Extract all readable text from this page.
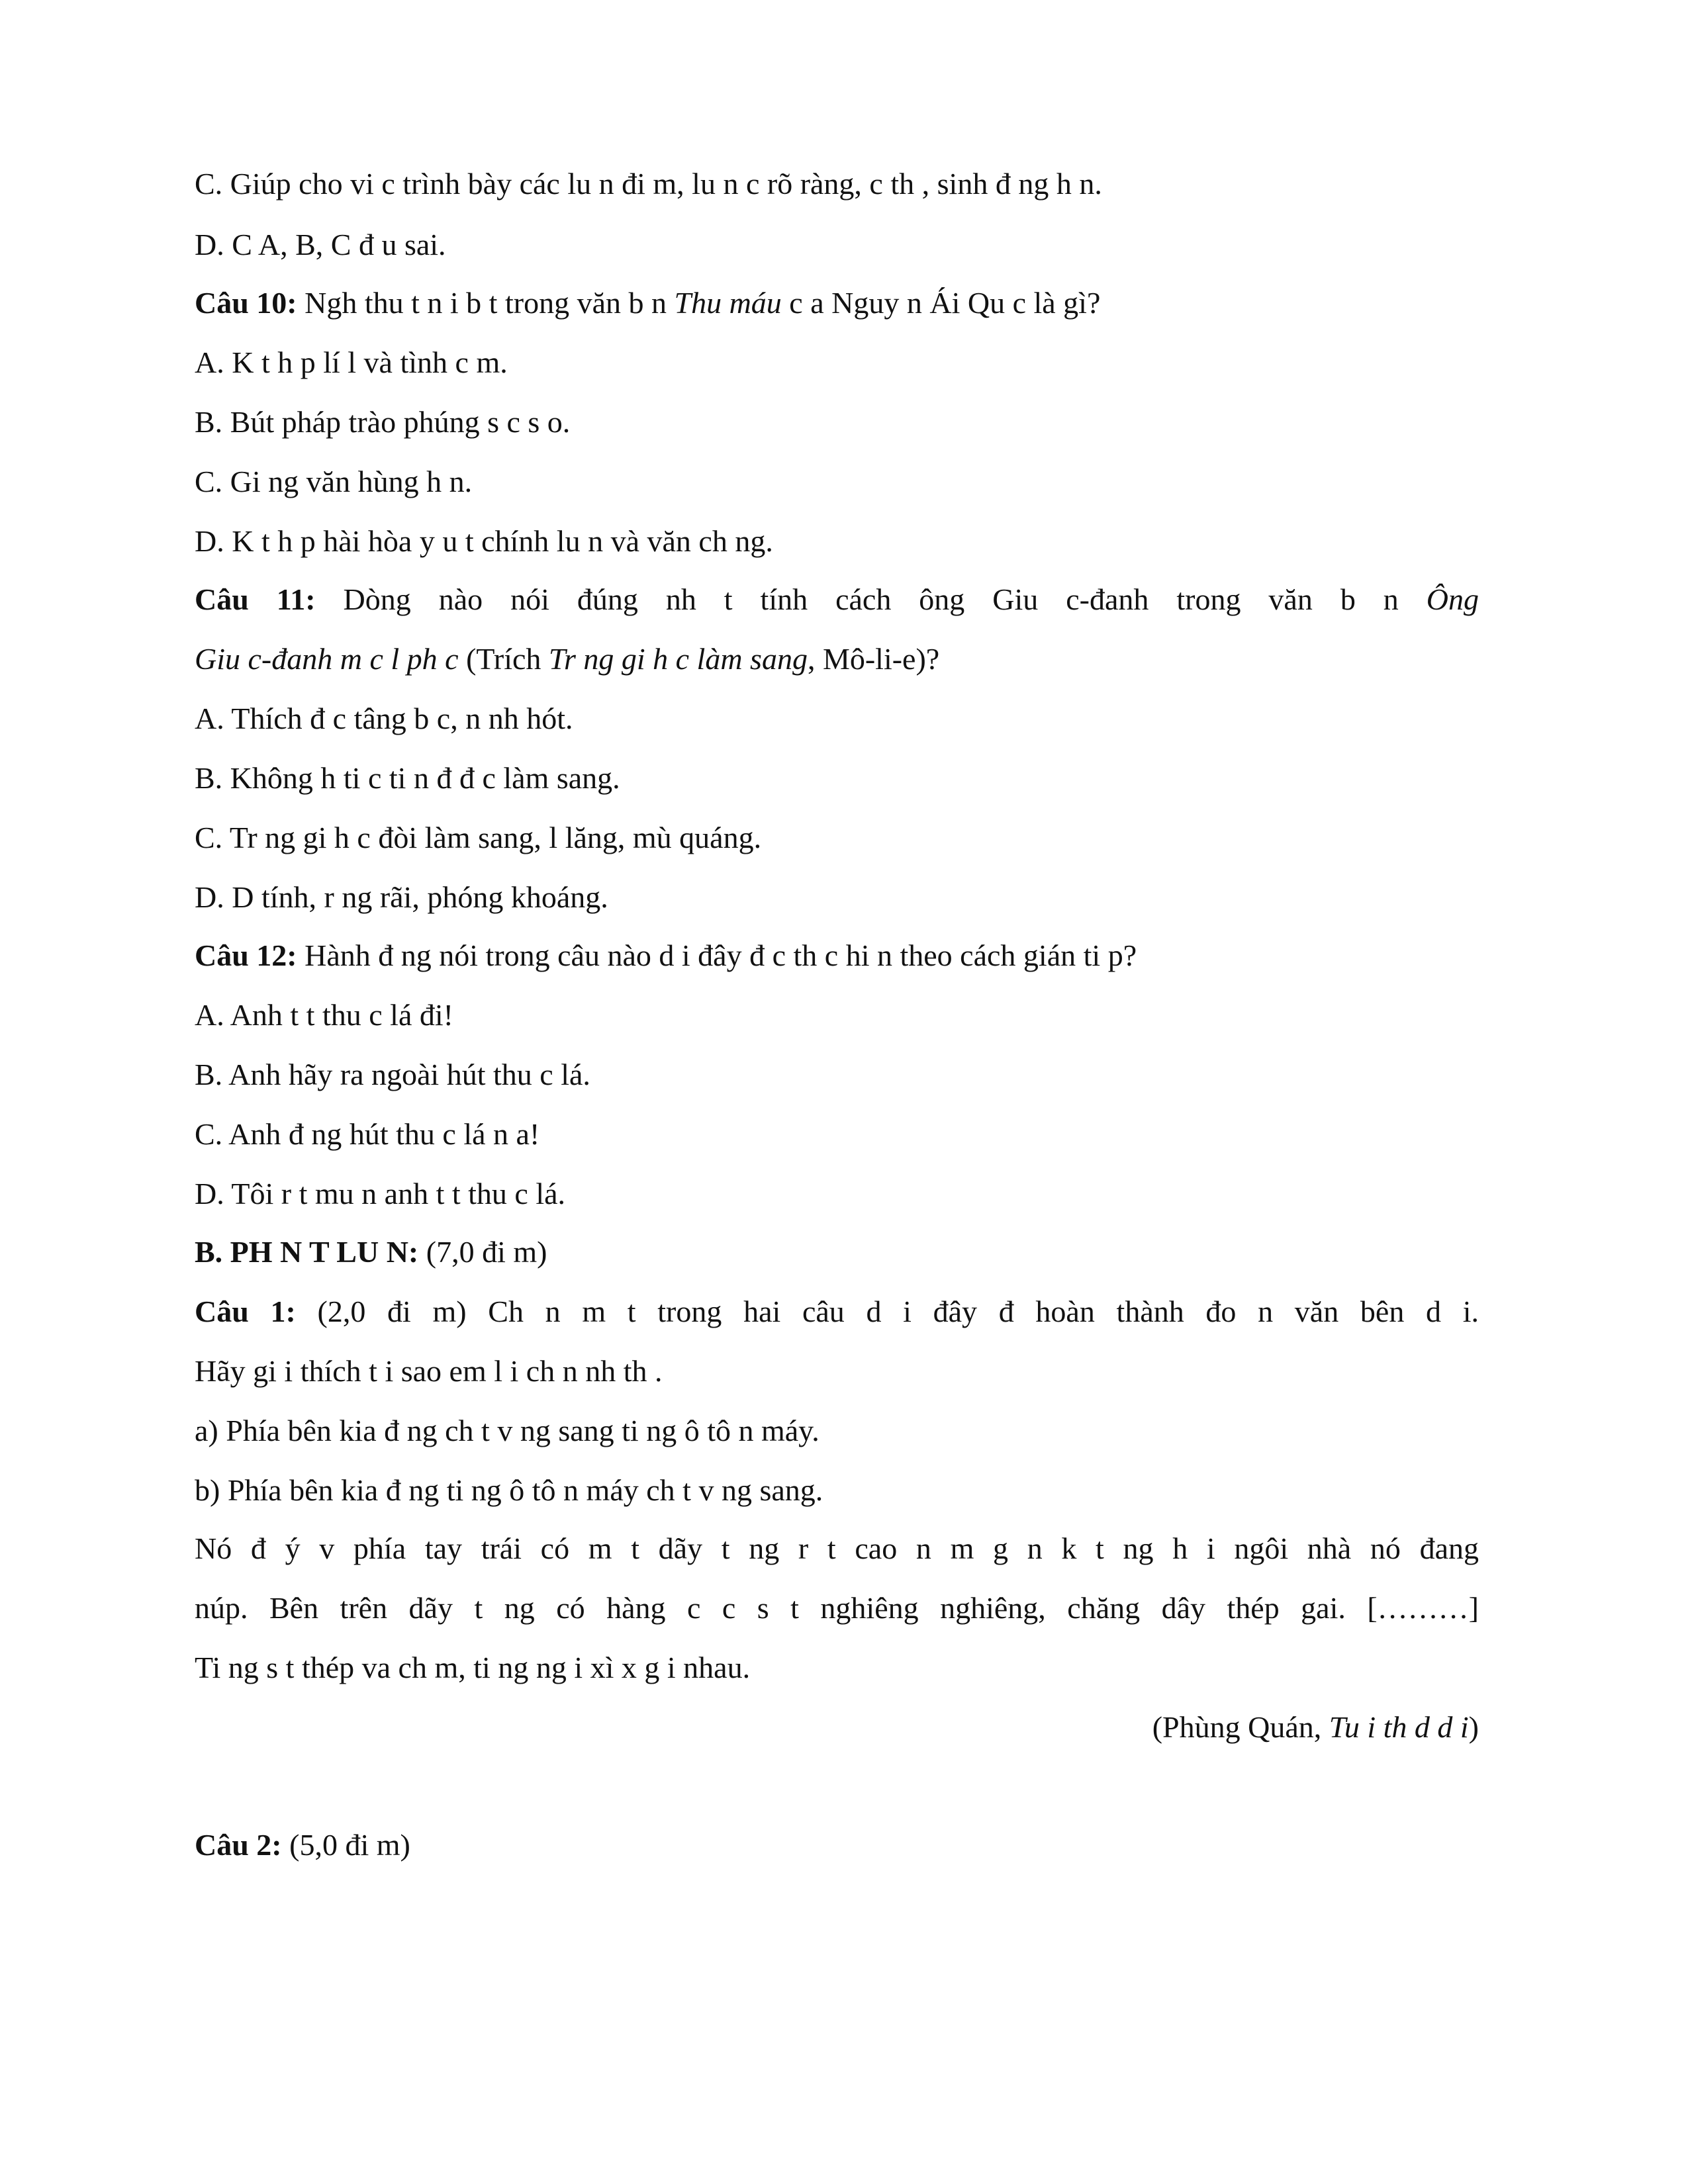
C. Giúp cho vi c trình bày các lu n đi m, lu n c rõ ràng, c th , sinh đ ng h n.
D. C A, B, C đ u sai.
Câu 10: Ngh thu t n i b t trong văn b n Thu máu c a Nguy n Ái Qu c là gì?
A. K t h p lí l và tình c m.
B. Bút pháp trào phúng s c s o.
C. Gi ng văn hùng h n.
D. K t h p hài hòa y u t chính lu n và văn ch ng.
Câu 11: Dòng nào nói đúng nh t tính cách ông Giu c-đanh trong văn b n Ông
Giu c-đanh m c l ph c (Trích Tr ng gi h c làm sang, Mô-li-e)?
A. Thích đ c tâng b c, n nh hót.
B. Không h ti c ti n đ đ c làm sang.
C. Tr ng gi h c đòi làm sang, l lăng, mù quáng.
D. D tính, r ng rãi, phóng khoáng.
Câu 12: Hành đ ng nói trong câu nào d i đây đ c th c hi n theo cách gián ti p?
A. Anh t t thu c lá đi!
B. Anh hãy ra ngoài hút thu c lá.
C. Anh đ ng hút thu c lá n a!
D. Tôi r t mu n anh t t thu c lá.
B. PH N T LU N: (7,0 đi m)
Câu 1: (2,0 đi m) Ch n m t trong hai câu d i đây đ hoàn thành đo n văn bên d i.
Hãy gi i thích t i sao em l i ch n nh th .
a) Phía bên kia đ ng ch t v ng sang ti ng ô tô n máy.
b) Phía bên kia đ ng ti ng ô tô n máy ch t v ng sang.
Nó đ ý v phía tay trái có m t dãy t ng r t cao n m g n k t ng h i ngôi nhà nó đang
núp. Bên trên dãy t ng có hàng c c s t nghiêng nghiêng, chăng dây thép gai. [………]
Ti ng s t thép va ch m, ti ng ng i xì x g i nhau.
(Phùng Quán, Tu i th d d i)
Câu 2: (5,0 đi m)
